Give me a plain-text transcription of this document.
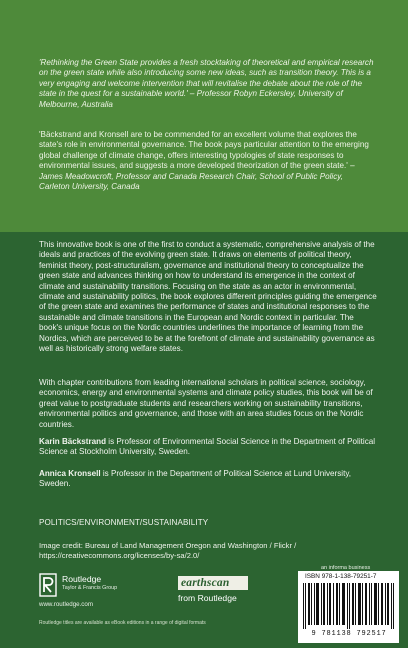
'Rethinking the Green State provides a fresh stocktaking of theoretical and empirical research on the green state while also introducing some new ideas, such as transition theory. This is a very engaging and welcome intervention that will revitalise the debate about the role of the state in the quest for a sustainable world.' – Professor Robyn Eckersley, University of Melbourne, Australia
'Bäckstrand and Kronsell are to be commended for an excellent volume that explores the state's role in environmental governance. The book pays particular attention to the emerging global challenge of climate change, offers interesting typologies of state responses to environmental issues, and suggests a more developed theorization of the green state.' – James Meadowcroft, Professor and Canada Research Chair, School of Public Policy, Carleton University, Canada
This innovative book is one of the first to conduct a systematic, comprehensive analysis of the ideals and practices of the evolving green state. It draws on elements of political theory, feminist theory, post-structuralism, governance and institutional theory to conceptualize the green state and advances thinking on how to understand its emergence in the context of climate and sustainability transitions. Focusing on the state as an actor in environmental, climate and sustainability politics, the book explores different principles guiding the emergence of the green state and examines the performance of states and institutional responses to the sustainable and climate transitions in the European and Nordic context in particular. The book's unique focus on the Nordic countries underlines the importance of learning from the Nordics, which are perceived to be at the forefront of climate and sustainability governance as well as historically strong welfare states.
With chapter contributions from leading international scholars in political science, sociology, economics, energy and environmental systems and climate policy studies, this book will be of great value to postgraduate students and researchers working on sustainability transitions, environmental politics and governance, and those with an area studies focus on the Nordic countries.
Karin Bäckstrand is Professor of Environmental Social Science in the Department of Political Science at Stockholm University, Sweden.
Annica Kronsell is Professor in the Department of Political Science at Lund University, Sweden.
POLITICS/ENVIRONMENT/SUSTAINABILITY
Image credit: Bureau of Land Management Oregon and Washington / Flickr / https://creativecommons.org/licenses/by-sa/2.0/
Routledge
Taylor & Francis Group
www.routledge.com
earthscan
from Routledge
an informa business
ISBN 978-1-138-79251-7
9 781138 792517
Routledge titles are available as eBook editions in a range of digital formats
